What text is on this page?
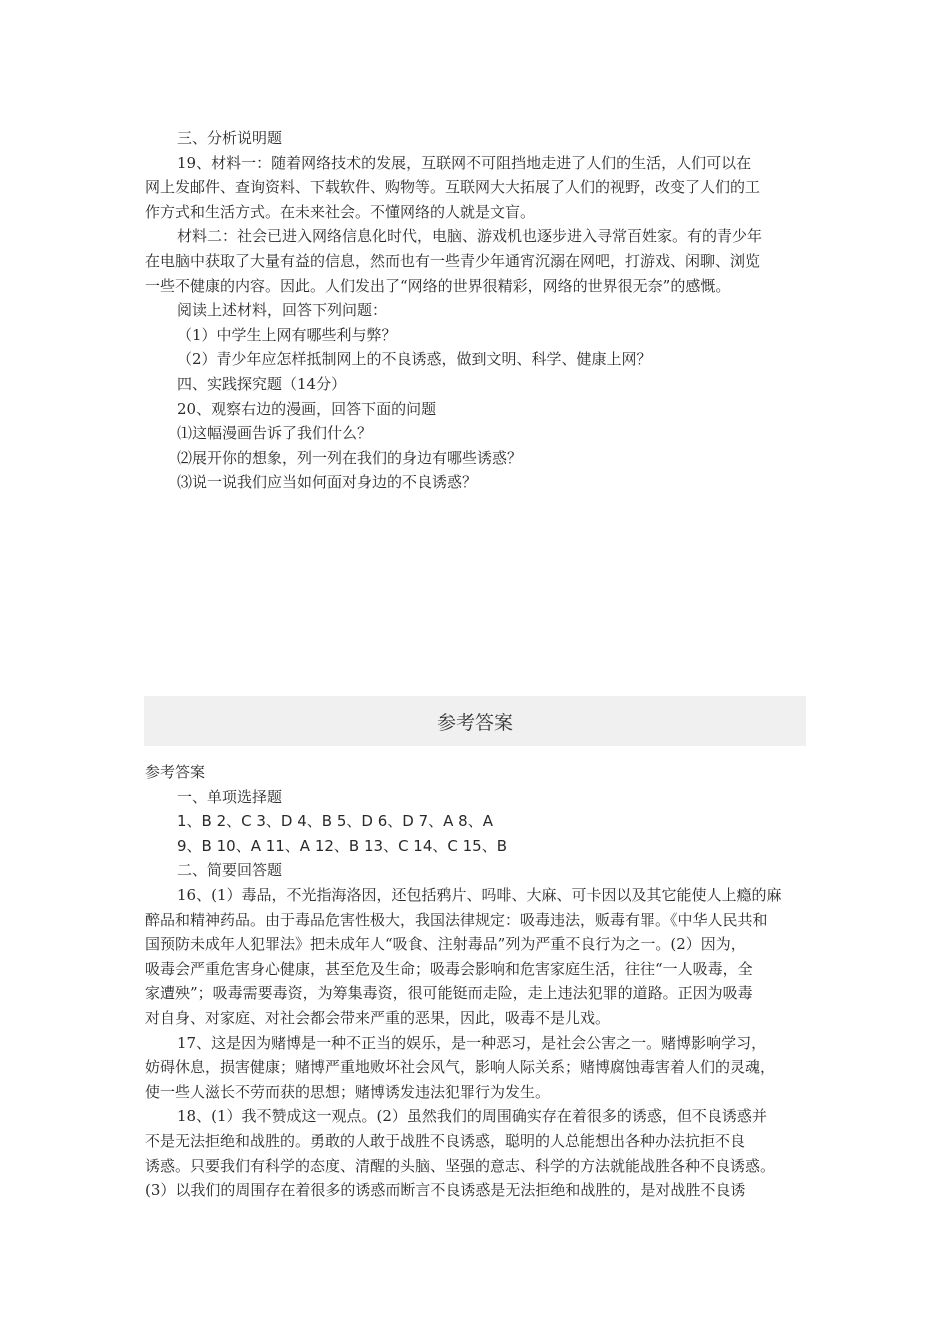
三、分析说明题
19、材料一：随着网络技术的发展，互联网不可阻挡地走进了人们的生活，人们可以在
网上发邮件、查询资料、下载软件、购物等。互联网大大拓展了人们的视野，改变了人们的工
作方式和生活方式。在未来社会。不懂网络的人就是文盲。
材料二：社会已进入网络信息化时代，电脑、游戏机也逐步进入寻常百姓家。有的青少年
在电脑中获取了大量有益的信息，然而也有一些青少年通宵沉溺在网吧，打游戏、闲聊、浏览
一些不健康的内容。因此。人们发出了“网络的世界很精彩，网络的世界很无奈”的感慨。
阅读上述材料，回答下列问题：
（1）中学生上网有哪些利与弊？
（2）青少年应怎样抵制网上的不良诱惑，做到文明、科学、健康上网？
四、实践探究题（14分）
20、观察右边的漫画，回答下面的问题
⑴这幅漫画告诉了我们什么？
⑵展开你的想象，列一列在我们的身边有哪些诱惑？
⑶说一说我们应当如何面对身边的不良诱惑？
参考答案
参考答案
一、单项选择题
1、B 2、C 3、D 4、B 5、D 6、D 7、A 8、A
9、B 10、A 11、A 12、B 13、C 14、C 15、B
二、简要回答题
16、(1）毒品，不光指海洛因，还包括鸦片、吗啡、大麻、可卡因以及其它能使人上瘾的麻
醉品和精神药品。由于毒品危害性极大，我国法律规定：吸毒违法，贩毒有罪。《中华人民共和
国预防未成年人犯罪法》把未成年人“吸食、注射毒品”列为严重不良行为之一。(2）因为，
吸毒会严重危害身心健康，甚至危及生命；吸毒会影响和危害家庭生活，往往“一人吸毒，全
家遭殃”；吸毒需要毒资，为筹集毒资，很可能铤而走险，走上违法犯罪的道路。正因为吸毒
对自身、对家庭、对社会都会带来严重的恶果，因此，吸毒不是儿戏。
17、这是因为赌博是一种不正当的娱乐，是一种恶习，是社会公害之一。赌博影响学习，
妨碍休息，损害健康；赌博严重地败坏社会风气，影响人际关系；赌博腐蚀毒害着人们的灵魂，
使一些人滋长不劳而获的思想；赌博诱发违法犯罪行为发生。
18、(1）我不赞成这一观点。(2）虽然我们的周围确实存在着很多的诱惑，但不良诱惑并
不是无法拒绝和战胜的。勇敢的人敢于战胜不良诱惑，聪明的人总能想出各种办法抗拒不良
诱惑。只要我们有科学的态度、清醒的头脑、坚强的意志、科学的方法就能战胜各种不良诱惑。
(3）以我们的周围存在着很多的诱惑而断言不良诱惑是无法拒绝和战胜的，是对战胜不良诱
